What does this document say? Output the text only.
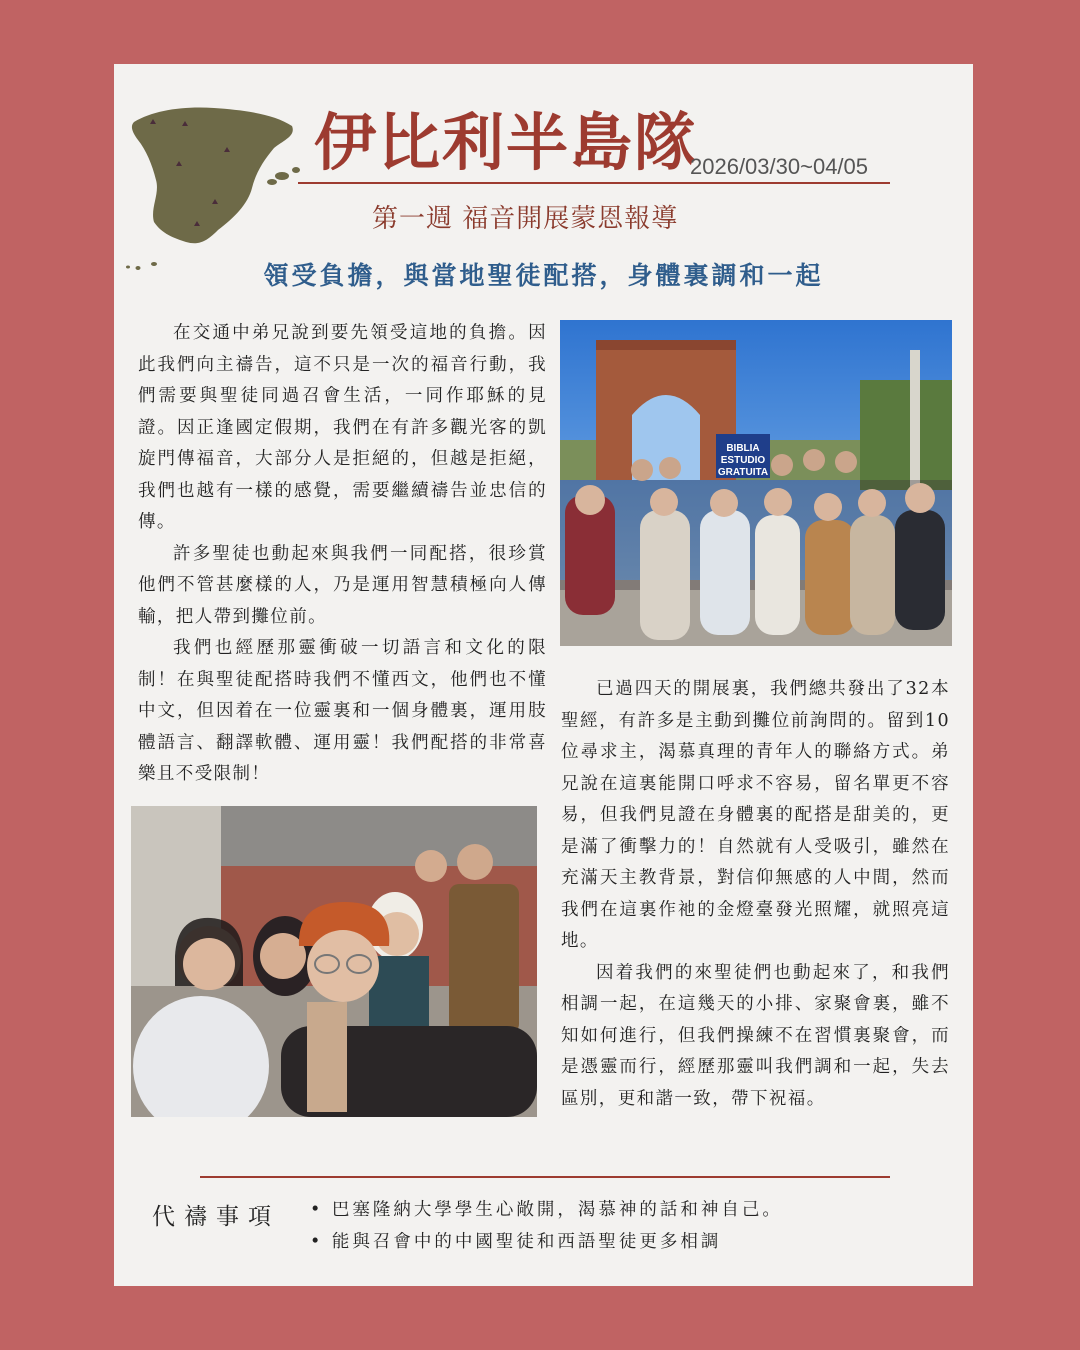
伊比利半島隊
2026/03/30~04/05
第一週 福音開展蒙恩報導
領受負擔，與當地聖徒配搭，身體裏調和一起

在交通中弟兄說到要先領受這地的負擔。因此我們向主禱告，這不只是一次的福音行動，我們需要與聖徒同過召會生活，一同作耶穌的見證。因正逢國定假期，我們在有許多觀光客的凱旋門傳福音，大部分人是拒絕的，但越是拒絕，我們也越有一樣的感覺，需要繼續禱告並忠信的傳。

許多聖徒也動起來與我們一同配搭，很珍賞他們不管甚麼樣的人，乃是運用智慧積極向人傳輸，把人帶到攤位前。

我們也經歷那靈衝破一切語言和文化的限制！在與聖徒配搭時我們不懂西文，他們也不懂中文，但因着在一位靈裏和一個身體裏，運用肢體語言、翻譯軟體、運用靈！我們配搭的非常喜樂且不受限制！

BIBLIA
ESTUDIO
GRATUITA

已過四天的開展裏，我們總共發出了32本聖經，有許多是主動到攤位前詢問的。留到10位尋求主，渴慕真理的青年人的聯絡方式。弟兄說在這裏能開口呼求不容易，留名單更不容易，但我們見證在身體裏的配搭是甜美的，更是滿了衝擊力的！自然就有人受吸引，雖然在充滿天主教背景，對信仰無感的人中間，然而我們在這裏作祂的金燈臺發光照耀，就照亮這地。

因着我們的來聖徒們也動起來了，和我們相調一起，在這幾天的小排、家聚會裏，雖不知如何進行，但我們操練不在習慣裏聚會，而是憑靈而行，經歷那靈叫我們調和一起，失去區別，更和諧一致，帶下祝福。

代禱事項
•	巴塞隆納大學學生心敞開，渴慕神的話和神自己。
• 能與召會中的中國聖徒和西語聖徒更多相調
